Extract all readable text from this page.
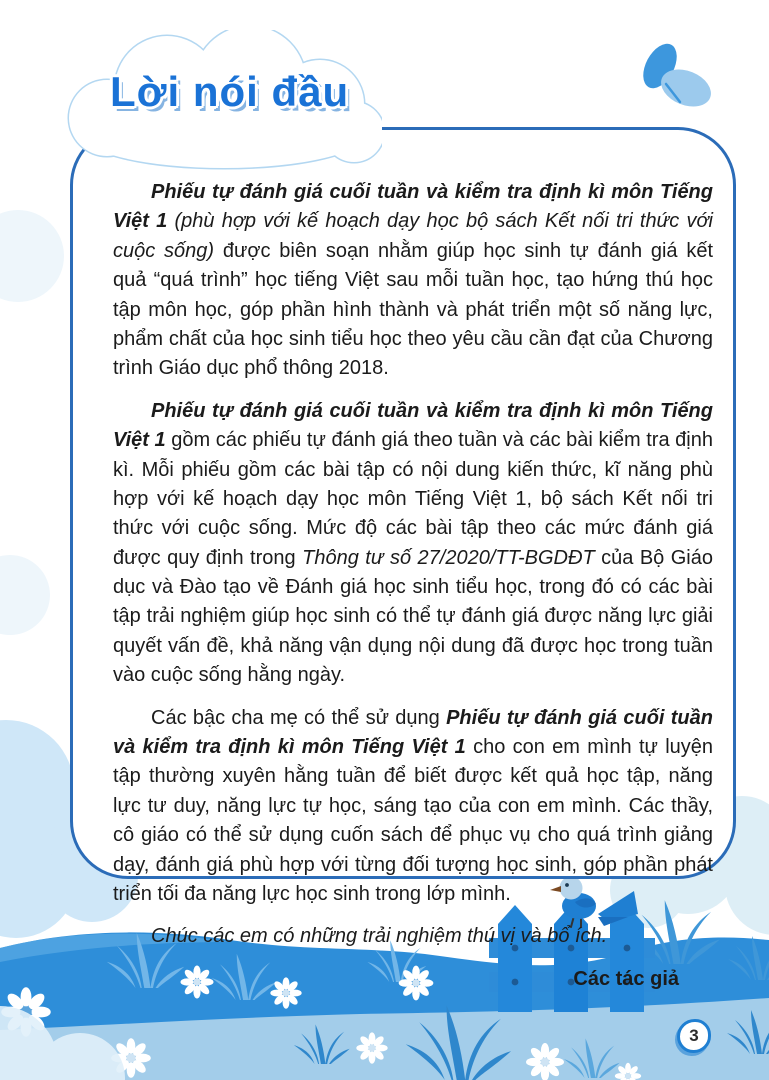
Phiếu tự đánh giá cuối tuần và kiểm tra định kì môn Tiếng Việt 1 (phù hợp với kế hoạch dạy học bộ sách Kết nối tri thức với cuộc sống) được biên soạn nhằm giúp học sinh tự đánh giá kết quả “quá trình” học tiếng Việt sau mỗi tuần học, tạo hứng thú học tập môn học, góp phần hình thành và phát triển một số năng lực, phẩm chất của học sinh tiểu học theo yêu cầu cần đạt của Chương trình Giáo dục phổ thông 2018.

Phiếu tự đánh giá cuối tuần và kiểm tra định kì môn Tiếng Việt 1 gồm các phiếu tự đánh giá theo tuần và các bài kiểm tra định kì. Mỗi phiếu gồm các bài tập có nội dung kiến thức, kĩ năng phù hợp với kế hoạch dạy học môn Tiếng Việt 1, bộ sách Kết nối tri thức với cuộc sống. Mức độ các bài tập theo các mức đánh giá được quy định trong Thông tư số 27/2020/TT-BGDĐT của Bộ Giáo dục và Đào tạo về Đánh giá học sinh tiểu học, trong đó có các bài tập trải nghiệm giúp học sinh có thể tự đánh giá được năng lực giải quyết vấn đề, khả năng vận dụng nội dung đã được học trong tuần vào cuộc sống hằng ngày.

Các bậc cha mẹ có thể sử dụng Phiếu tự đánh giá cuối tuần và kiểm tra định kì môn Tiếng Việt 1 cho con em mình tự luyện tập thường xuyên hằng tuần để biết được kết quả học tập, năng lực tư duy, năng lực tự học, sáng tạo của con em mình. Các thầy, cô giáo có thể sử dụng cuốn sách để phục vụ cho quá trình giảng dạy, đánh giá phù hợp với từng đối tượng học sinh, góp phần phát triển tối đa năng lực học sinh trong lớp mình.

Chúc các em có những trải nghiệm thú vị và bổ ích.

Các tác giả
Lời nói đầu
3
